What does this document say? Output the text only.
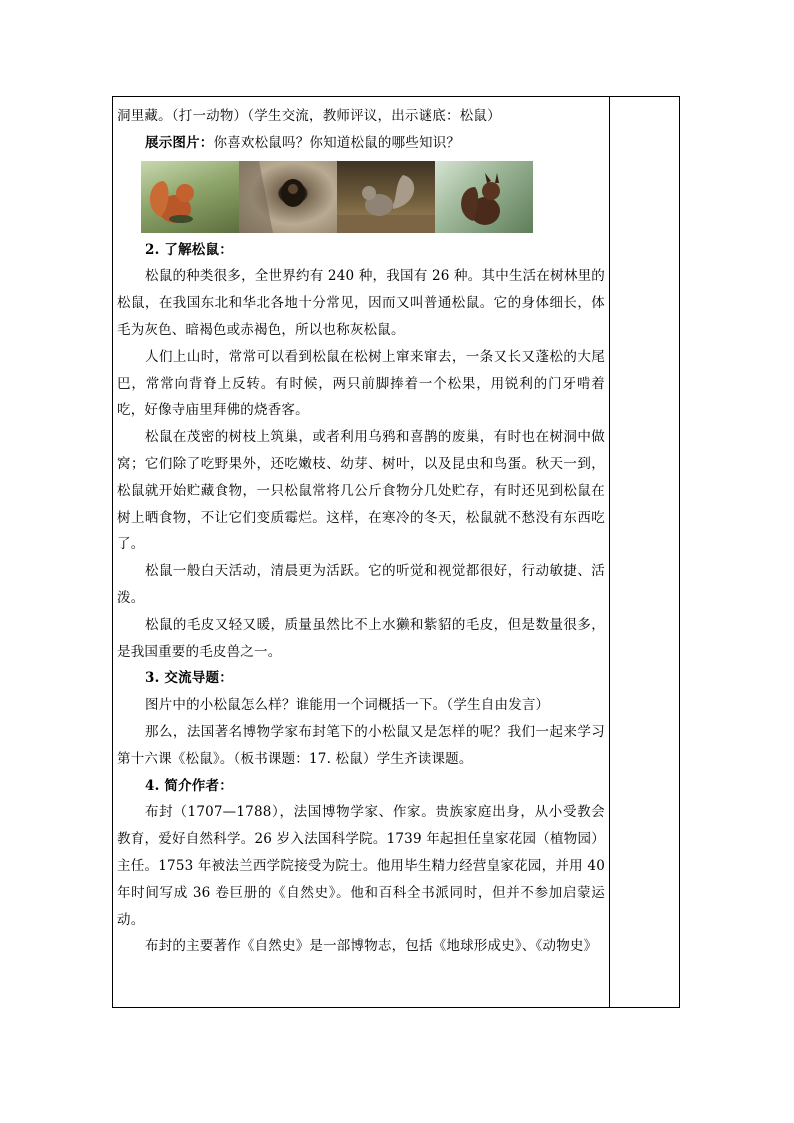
洞里藏。（打一动物）（学生交流，教师评议，出示谜底：松鼠）

展示图片：你喜欢松鼠吗？你知道松鼠的哪些知识？

2. 了解松鼠：

松鼠的种类很多，全世界约有 240 种，我国有 26 种。其中生活在树林里的松鼠，在我国东北和华北各地十分常见，因而又叫普通松鼠。它的身体细长，体毛为灰色、暗褐色或赤褐色，所以也称灰松鼠。

人们上山时，常常可以看到松鼠在松树上窜来窜去，一条又长又蓬松的大尾巴，常常向背脊上反转。有时候，两只前脚捧着一个松果，用锐利的门牙啃着吃，好像寺庙里拜佛的烧香客。

松鼠在茂密的树枝上筑巢，或者利用乌鸦和喜鹊的废巢，有时也在树洞中做窝；它们除了吃野果外，还吃嫩枝、幼芽、树叶，以及昆虫和鸟蛋。秋天一到，松鼠就开始贮藏食物，一只松鼠常将几公斤食物分几处贮存，有时还见到松鼠在树上晒食物，不让它们变质霉烂。这样，在寒冷的冬天，松鼠就不愁没有东西吃了。

松鼠一般白天活动，清晨更为活跃。它的听觉和视觉都很好，行动敏捷、活泼。

松鼠的毛皮又轻又暖，质量虽然比不上水獭和紫貂的毛皮，但是数量很多，是我国重要的毛皮兽之一。

3. 交流导题：

图片中的小松鼠怎么样？谁能用一个词概括一下。（学生自由发言）

那么，法国著名博物学家布封笔下的小松鼠又是怎样的呢？我们一起来学习第十六课《松鼠》。（板书课题：17. 松鼠）学生齐读课题。

4. 简介作者：

布封（1707—1788），法国博物学家、作家。贵族家庭出身，从小受教会教育，爱好自然科学。26 岁入法国科学院。1739 年起担任皇家花园（植物园）主任。1753 年被法兰西学院接受为院士。他用毕生精力经营皇家花园，并用 40 年时间写成 36 卷巨册的《自然史》。他和百科全书派同时，但并不参加启蒙运动。

布封的主要著作《自然史》是一部博物志，包括《地球形成史》、《动物史》
